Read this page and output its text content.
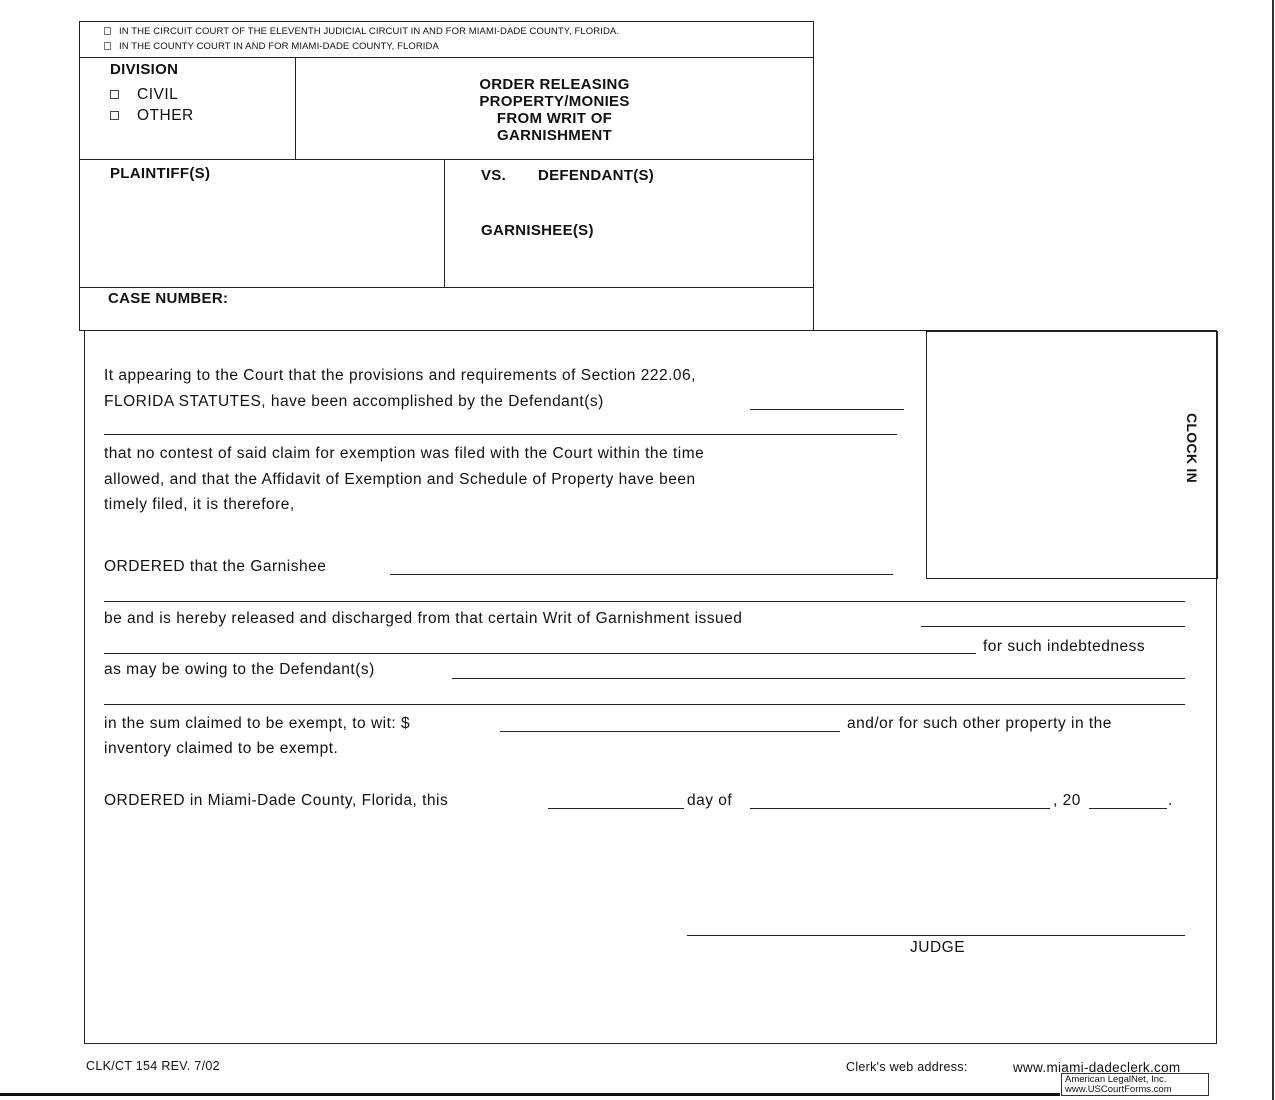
IN THE CIRCUIT COURT OF THE ELEVENTH JUDICIAL CIRCUIT IN AND FOR MIAMI-DADE COUNTY, FLORIDA.
IN THE COUNTY COURT IN AND FOR MIAMI-DADE COUNTY, FLORIDA
DIVISION
CIVIL
OTHER
ORDER RELEASING
PROPERTY/MONIES
FROM WRIT OF
GARNISHMENT
PLAINTIFF(S)	VS. DEFENDANT(S)
GARNISHEE(S)
CASE NUMBER:
CLOCK IN
It appearing to the Court that the provisions and requirements of Section 222.06,
FLORIDA STATUTES, have been accomplished by the Defendant(s)
that no contest of said claim for exemption was filed with the Court within the time
allowed, and that the Affidavit of Exemption and Schedule of Property have been
timely filed, it is therefore,
ORDERED that the Garnishee
be and is hereby released and discharged from that certain Writ of Garnishment issued
for such indebtedness
as may be owing to the Defendant(s)
in the sum claimed to be exempt, to wit: $	and/or for such other property in the
inventory claimed to be exempt.
ORDERED in Miami-Dade County, Florida, this	day of	, 20	.
JUDGE
CLK/CT 154 REV. 7/02	Clerk's web address:	www.miami-dadeclerk.com
American LegalNet, Inc.
www.USCourtForms.com
